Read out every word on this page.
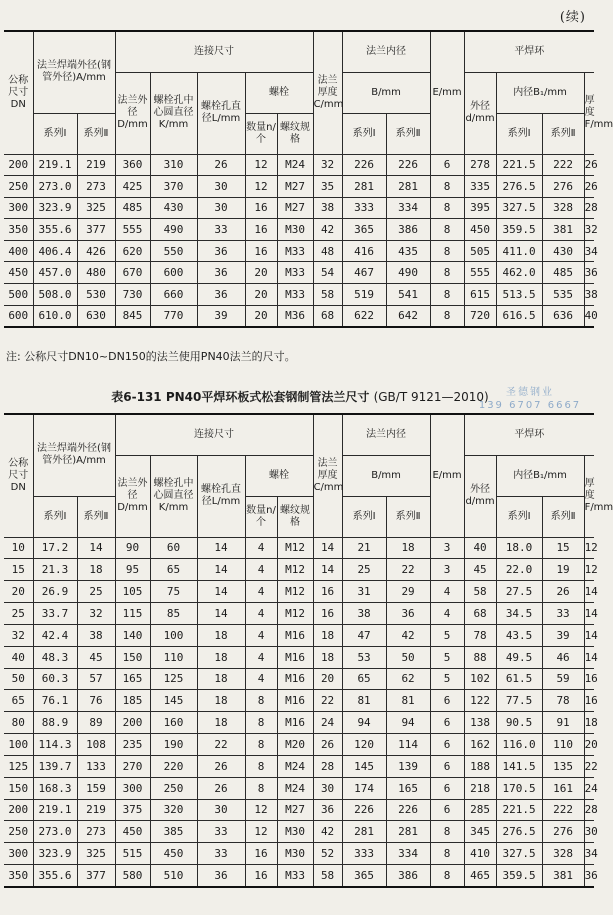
(续)
公称尺寸DN	法兰焊端外径(钢管外径)A/mm		连接尺寸					法兰厚度C/mm	法兰内径		E/mm	平焊环			
			法兰外径D/mm	螺栓孔中心圆直径K/mm	螺栓孔直径L/mm	螺栓			B/mm			外径d/mm	内径B₁/mm		厚度F/mm
	系列Ⅰ	系列Ⅱ				数量n/个	螺纹规格		系列Ⅰ	系列Ⅱ			系列Ⅰ	系列Ⅱ	
200	219.1	219	360	310	26	12	M24	32	226	226	6	278	221.5	222	26
250	273.0	273	425	370	30	12	M27	35	281	281	8	335	276.5	276	26
300	323.9	325	485	430	30	16	M27	38	333	334	8	395	327.5	328	28
350	355.6	377	555	490	33	16	M30	42	365	386	8	450	359.5	381	32
400	406.4	426	620	550	36	16	M33	48	416	435	8	505	411.0	430	34
450	457.0	480	670	600	36	20	M33	54	467	490	8	555	462.0	485	36
500	508.0	530	730	660	36	20	M33	58	519	541	8	615	513.5	535	38
600	610.0	630	845	770	39	20	M36	68	622	642	8	720	616.5	636	40
注: 公称尺寸DN10~DN150的法兰使用PN40法兰的尺寸。
表6-131 PN40平焊环板式松套钢制管法兰尺寸 (GB/T 9121—2010)	圣德钢业
139 6707 6667
公称尺寸DN	法兰焊端外径(钢管外径)A/mm		连接尺寸					法兰厚度C/mm	法兰内径		E/mm	平焊环			
			法兰外径D/mm	螺栓孔中心圆直径K/mm	螺栓孔直径L/mm	螺栓			B/mm			外径d/mm	内径B₁/mm		厚度F/mm
	系列Ⅰ	系列Ⅱ				数量n/个	螺纹规格		系列Ⅰ	系列Ⅱ			系列Ⅰ	系列Ⅱ	
10	17.2	14	90	60	14	4	M12	14	21	18	3	40	18.0	15	12
15	21.3	18	95	65	14	4	M12	14	25	22	3	45	22.0	19	12
20	26.9	25	105	75	14	4	M12	16	31	29	4	58	27.5	26	14
25	33.7	32	115	85	14	4	M12	16	38	36	4	68	34.5	33	14
32	42.4	38	140	100	18	4	M16	18	47	42	5	78	43.5	39	14
40	48.3	45	150	110	18	4	M16	18	53	50	5	88	49.5	46	14
50	60.3	57	165	125	18	4	M16	20	65	62	5	102	61.5	59	16
65	76.1	76	185	145	18	8	M16	22	81	81	6	122	77.5	78	16
80	88.9	89	200	160	18	8	M16	24	94	94	6	138	90.5	91	18
100	114.3	108	235	190	22	8	M20	26	120	114	6	162	116.0	110	20
125	139.7	133	270	220	26	8	M24	28	145	139	6	188	141.5	135	22
150	168.3	159	300	250	26	8	M24	30	174	165	6	218	170.5	161	24
200	219.1	219	375	320	30	12	M27	36	226	226	6	285	221.5	222	28
250	273.0	273	450	385	33	12	M30	42	281	281	8	345	276.5	276	30
300	323.9	325	515	450	33	16	M30	52	333	334	8	410	327.5	328	34
350	355.6	377	580	510	36	16	M33	58	365	386	8	465	359.5	381	36
